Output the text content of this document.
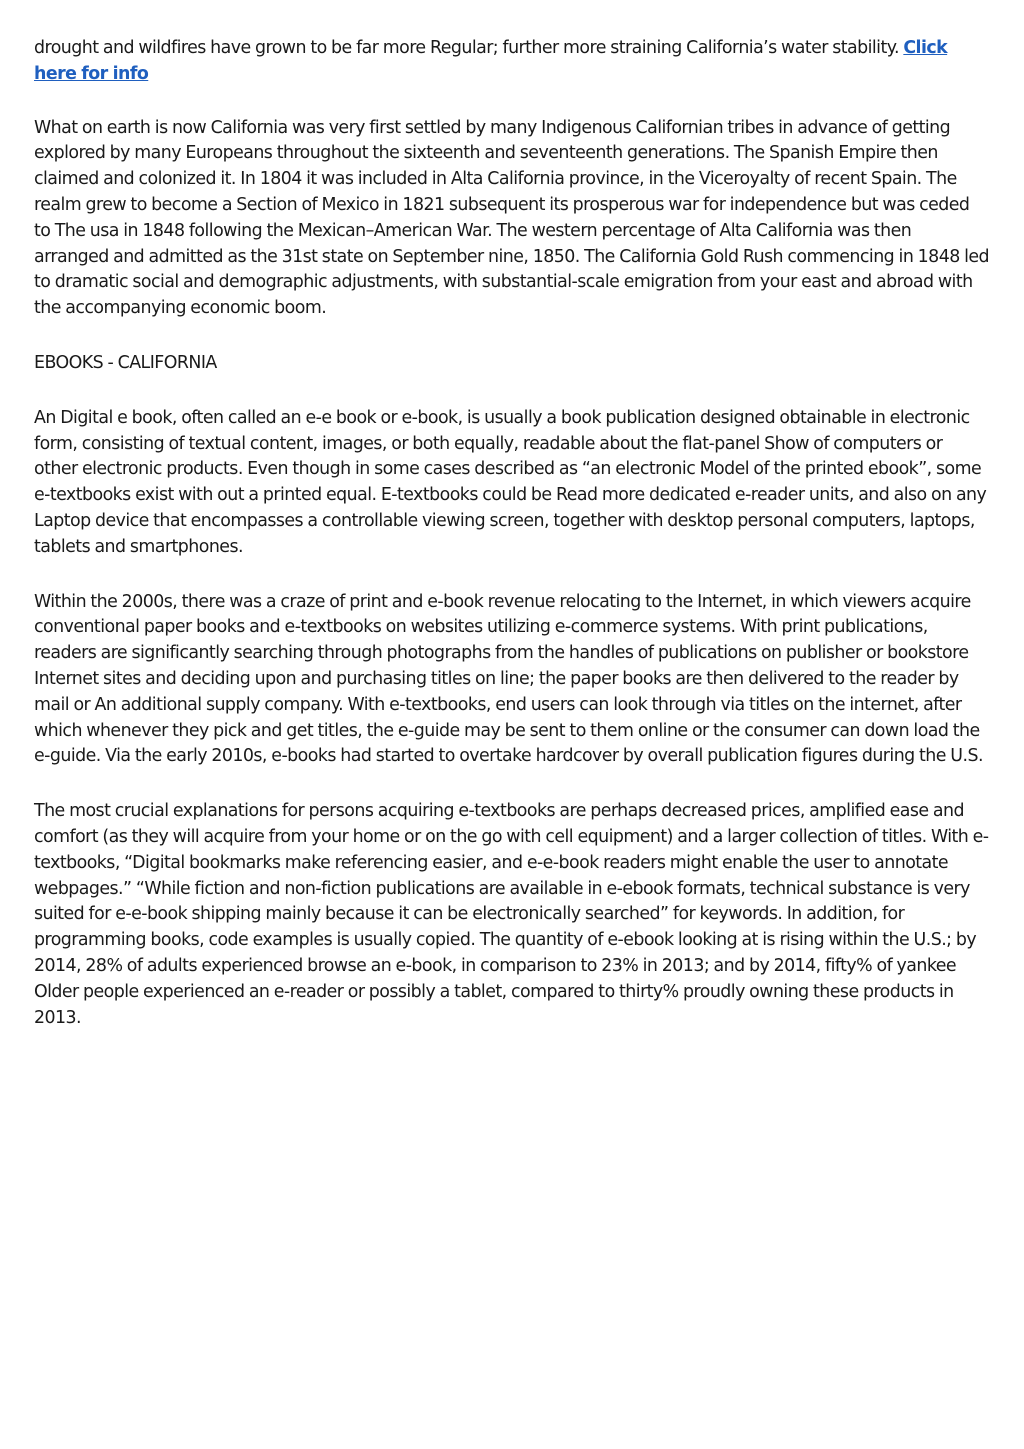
drought and wildfires have grown to be far more Regular; further more straining California’s water stability. Click here for info

What on earth is now California was very first settled by many Indigenous Californian tribes in advance of getting explored by many Europeans throughout the sixteenth and seventeenth generations. The Spanish Empire then claimed and colonized it. In 1804 it was included in Alta California province, in the Viceroyalty of recent Spain. The realm grew to become a Section of Mexico in 1821 subsequent its prosperous war for independence but was ceded to The usa in 1848 following the Mexican–American War. The western percentage of Alta California was then arranged and admitted as the 31st state on September nine, 1850. The California Gold Rush commencing in 1848 led to dramatic social and demographic adjustments, with substantial-scale emigration from your east and abroad with the accompanying economic boom.

EBOOKS - CALIFORNIA

An Digital e book, often called an e-e book or e-book, is usually a book publication designed obtainable in electronic form, consisting of textual content, images, or both equally, readable about the flat-panel Show of computers or other electronic products. Even though in some cases described as “an electronic Model of the printed ebook”, some e-textbooks exist with out a printed equal. E-textbooks could be Read more dedicated e-reader units, and also on any Laptop device that encompasses a controllable viewing screen, together with desktop personal computers, laptops, tablets and smartphones.

Within the 2000s, there was a craze of print and e-book revenue relocating to the Internet, in which viewers acquire conventional paper books and e-textbooks on websites utilizing e-commerce systems. With print publications, readers are significantly searching through photographs from the handles of publications on publisher or bookstore Internet sites and deciding upon and purchasing titles on line; the paper books are then delivered to the reader by mail or An additional supply company. With e-textbooks, end users can look through via titles on the internet, after which whenever they pick and get titles, the e-guide may be sent to them online or the consumer can down load the e-guide. Via the early 2010s, e-books had started to overtake hardcover by overall publication figures during the U.S.

The most crucial explanations for persons acquiring e-textbooks are perhaps decreased prices, amplified ease and comfort (as they will acquire from your home or on the go with cell equipment) and a larger collection of titles. With e-textbooks, “Digital bookmarks make referencing easier, and e-e-book readers might enable the user to annotate webpages.” “While fiction and non-fiction publications are available in e-ebook formats, technical substance is very suited for e-e-book shipping mainly because it can be electronically searched” for keywords. In addition, for programming books, code examples is usually copied. The quantity of e-ebook looking at is rising within the U.S.; by 2014, 28% of adults experienced browse an e-book, in comparison to 23% in 2013; and by 2014, fifty% of yankee Older people experienced an e-reader or possibly a tablet, compared to thirty% proudly owning these products in 2013.
